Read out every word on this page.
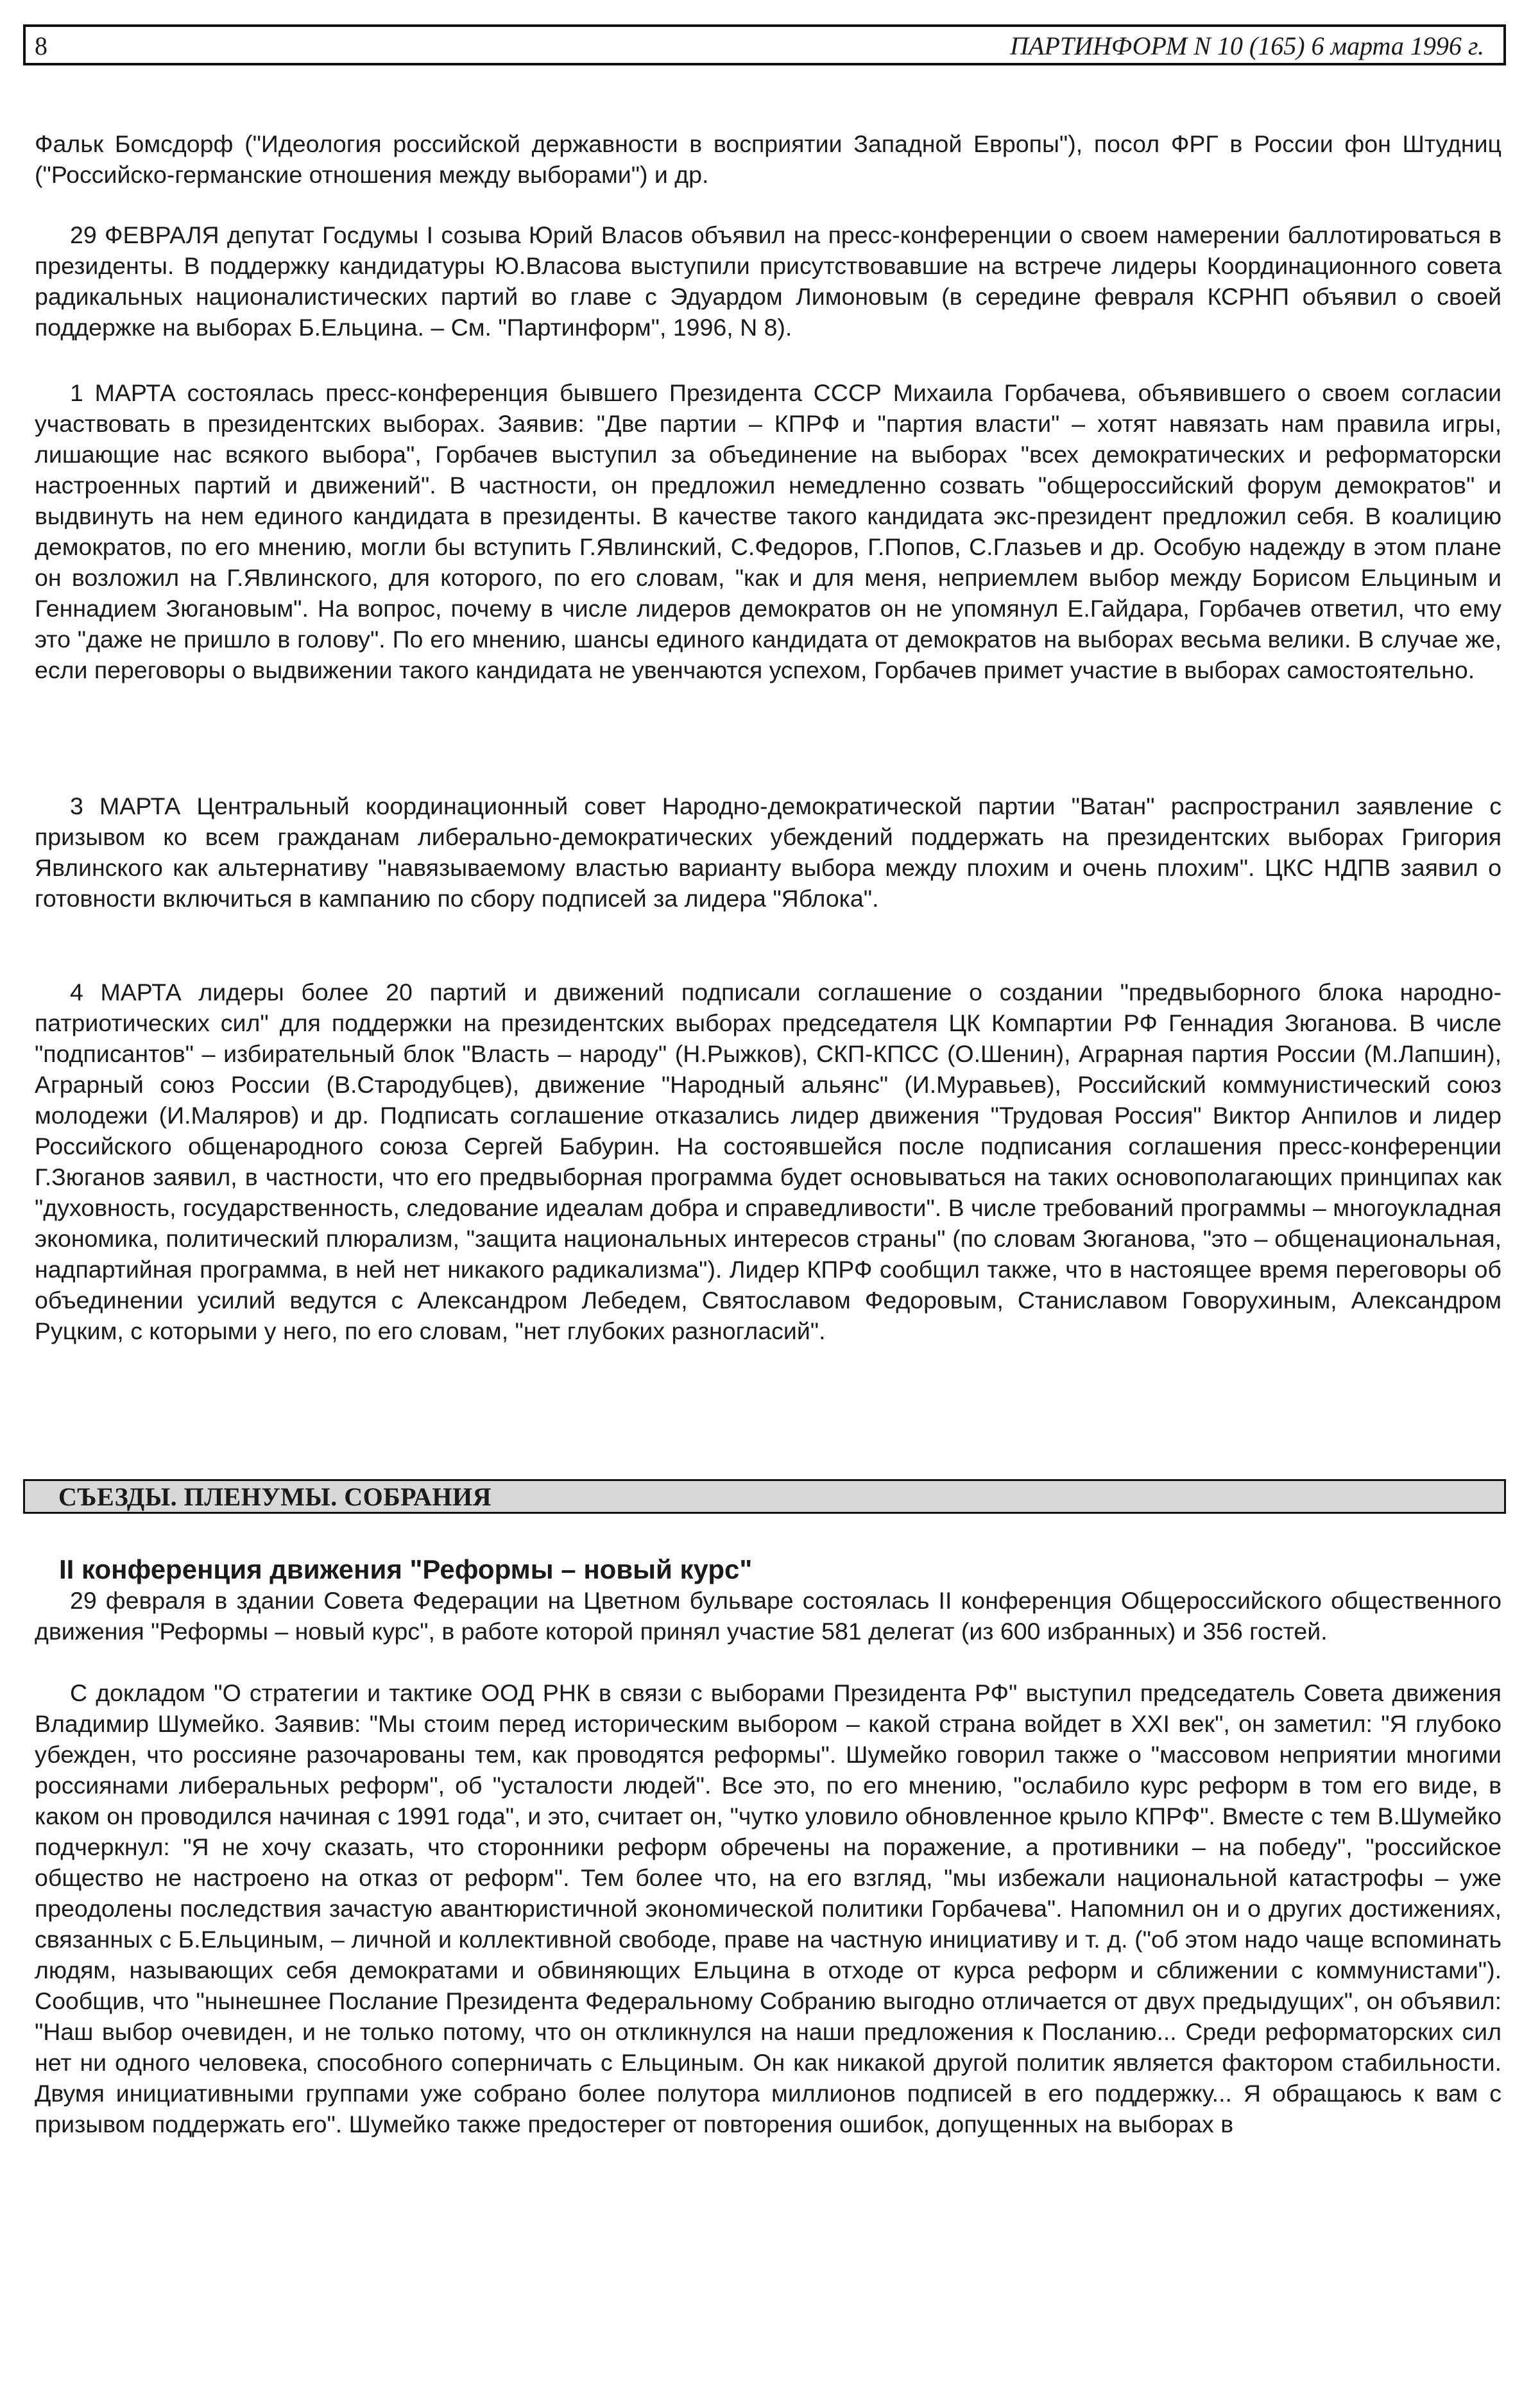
8	ПАРТИНФОРМ N 10 (165) 6 марта 1996 г.

Фальк Бомсдорф ("Идеология российской державности в восприятии Западной Европы"), посол ФРГ в России фон Штудниц ("Российско-германские отношения между выборами") и др.

29 ФЕВРАЛЯ депутат Госдумы I созыва Юрий Власов объявил на пресс-конференции о своем намерении баллотироваться в президенты. В поддержку кандидатуры Ю.Власова выступили присутствовавшие на встрече лидеры Координационного совета радикальных националистических партий во главе с Эдуардом Лимоновым (в середине февраля КСРНП объявил о своей поддержке на выборах Б.Ельцина. – См. "Партинформ", 1996, N 8).

1 МАРТА состоялась пресс-конференция бывшего Президента СССР Михаила Горбачева, объявившего о своем согласии участвовать в президентских выборах. Заявив: "Две партии – КПРФ и "партия власти" – хотят навязать нам правила игры, лишающие нас всякого выбора", Горбачев выступил за объединение на выборах "всех демократических и реформаторски настроенных партий и движений". В частности, он предложил немедленно созвать "общероссийский форум демократов" и выдвинуть на нем единого кандидата в президенты. В качестве такого кандидата экс-президент предложил себя. В коалицию демократов, по его мнению, могли бы вступить Г.Явлинский, С.Федоров, Г.Попов, С.Глазьев и др. Особую надежду в этом плане он возложил на Г.Явлинского, для которого, по его словам, "как и для меня, неприемлем выбор между Борисом Ельциным и Геннадием Зюгановым". На вопрос, почему в числе лидеров демократов он не упомянул Е.Гайдара, Горбачев ответил, что ему это "даже не пришло в голову". По его мнению, шансы единого кандидата от демократов на выборах весьма велики. В случае же, если переговоры о выдвижении такого кандидата не увенчаются успехом, Горбачев примет участие в выборах самостоятельно.

3 МАРТА Центральный координационный совет Народно-демократической партии "Ватан" распространил заявление с призывом ко всем гражданам либерально-демократических убеждений поддержать на президентских выборах Григория Явлинского как альтернативу "навязываемому властью варианту выбора между плохим и очень плохим". ЦКС НДПВ заявил о готовности включиться в кампанию по сбору подписей за лидера "Яблока".

4 МАРТА лидеры более 20 партий и движений подписали соглашение о создании "предвыборного блока народно-патриотических сил" для поддержки на президентских выборах председателя ЦК Компартии РФ Геннадия Зюганова. В числе "подписантов" – избирательный блок "Власть – народу" (Н.Рыжков), СКП-КПСС (О.Шенин), Аграрная партия России (М.Лапшин), Аграрный союз России (В.Стародубцев), движение "Народный альянс" (И.Муравьев), Российский коммунистический союз молодежи (И.Маляров) и др. Подписать соглашение отказались лидер движения "Трудовая Россия" Виктор Анпилов и лидер Российского общенародного союза Сергей Бабурин. На состоявшейся после подписания соглашения пресс-конференции Г.Зюганов заявил, в частности, что его предвыборная программа будет основываться на таких основополагающих принципах как "духовность, государственность, следование идеалам добра и справедливости". В числе требований программы – многоукладная экономика, политический плюрализм, "защита национальных интересов страны" (по словам Зюганова, "это – общенациональная, надпартийная программа, в ней нет никакого радикализма"). Лидер КПРФ сообщил также, что в настоящее время переговоры об объединении усилий ведутся с Александром Лебедем, Святославом Федоровым, Станиславом Говорухиным, Александром Руцким, с которыми у него, по его словам, "нет глубоких разногласий".

СЪЕЗДЫ. ПЛЕНУМЫ. СОБРАНИЯ
II конференция движения "Реформы – новый курс"

29 февраля в здании Совета Федерации на Цветном бульваре состоялась II конференция Общероссийского общественного движения "Реформы – новый курс", в работе которой принял участие 581 делегат (из 600 избранных) и 356 гостей.

С докладом "О стратегии и тактике ООД РНК в связи с выборами Президента РФ" выступил председатель Совета движения Владимир Шумейко. Заявив: "Мы стоим перед историческим выбором – какой страна войдет в XXI век", он заметил: "Я глубоко убежден, что россияне разочарованы тем, как проводятся реформы". Шумейко говорил также о "массовом неприятии многими россиянами либеральных реформ", об "усталости людей". Все это, по его мнению, "ослабило курс реформ в том его виде, в каком он проводился начиная с 1991 года", и это, считает он, "чутко уловило обновленное крыло КПРФ". Вместе с тем В.Шумейко подчеркнул: "Я не хочу сказать, что сторонники реформ обречены на поражение, а противники – на победу", "российское общество не настроено на отказ от реформ". Тем более что, на его взгляд, "мы избежали национальной катастрофы – уже преодолены последствия зачастую авантюристичной экономической политики Горбачева". Напомнил он и о других достижениях, связанных с Б.Ельциным, – личной и коллективной свободе, праве на частную инициативу и т. д. ("об этом надо чаще вспоминать людям, называющих себя демократами и обвиняющих Ельцина в отходе от курса реформ и сближении с коммунистами"). Сообщив, что "нынешнее Послание Президента Федеральному Собранию выгодно отличается от двух предыдущих", он объявил: "Наш выбор очевиден, и не только потому, что он откликнулся на наши предложения к Посланию... Среди реформаторских сил нет ни одного человека, способного соперничать с Ельциным. Он как никакой другой политик является фактором стабильности. Двумя инициативными группами уже собрано более полутора миллионов подписей в его поддержку... Я обращаюсь к вам с призывом поддержать его". Шумейко также предостерег от повторения ошибок, допущенных на выборах в
